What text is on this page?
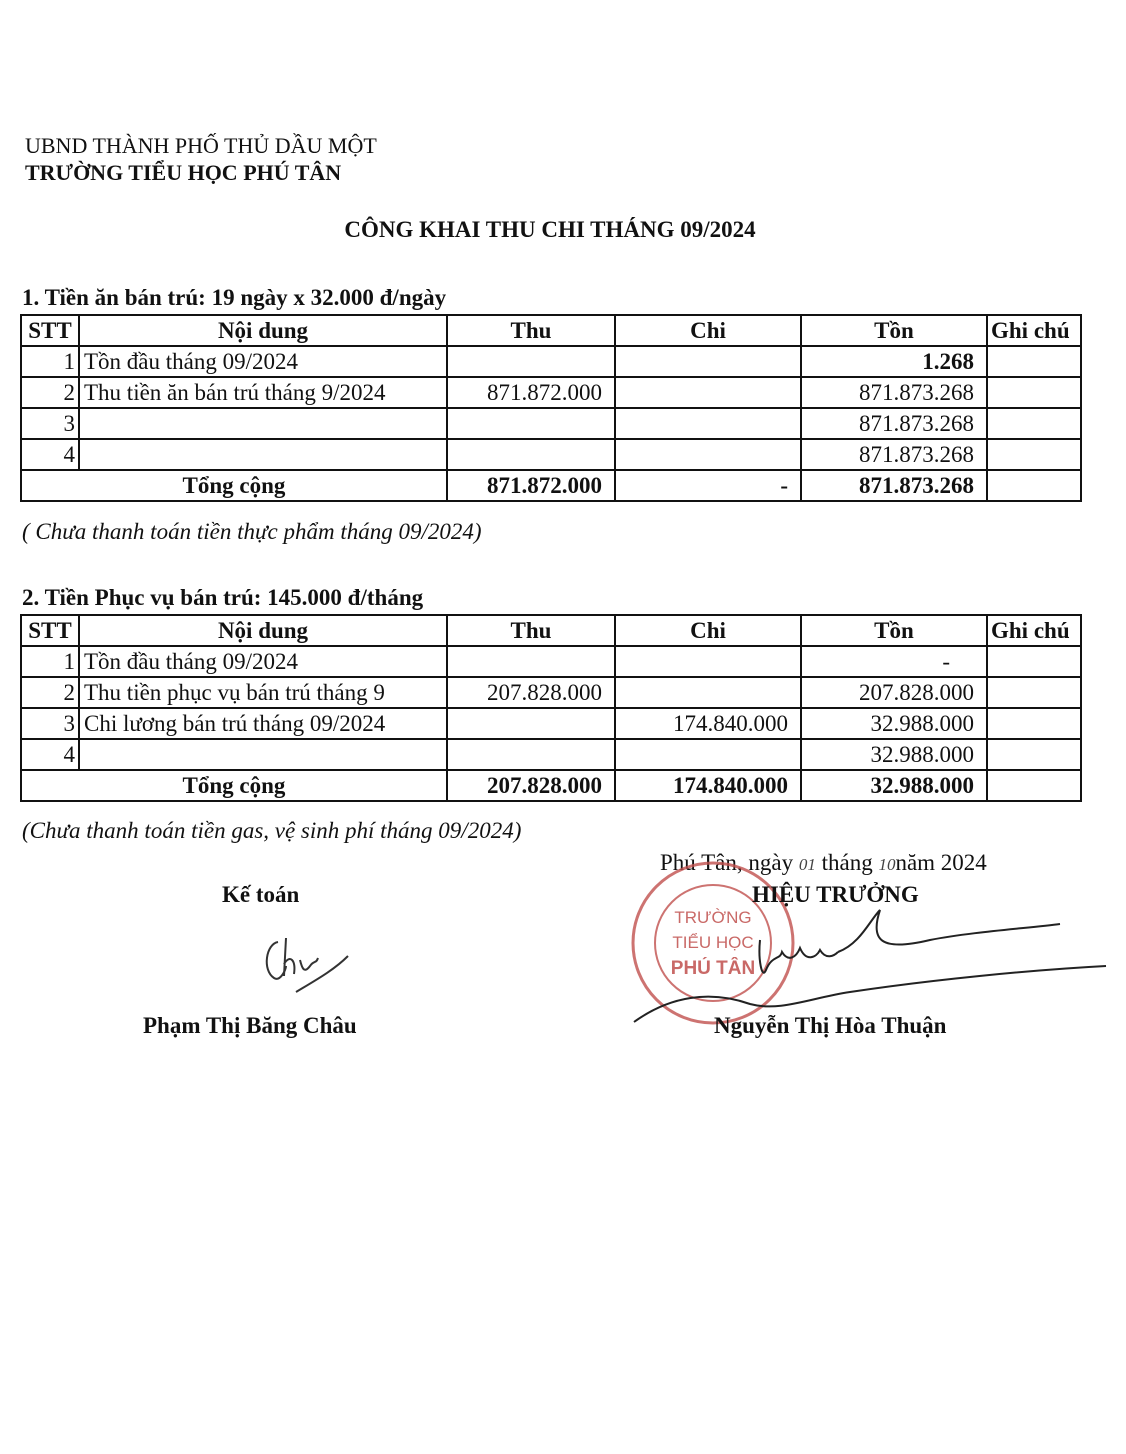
UBND THÀNH PHỐ THỦ DẦU MỘT
TRƯỜNG TIỂU HỌC PHÚ TÂN
CÔNG KHAI THU CHI THÁNG 09/2024
1. Tiền ăn bán trú: 19 ngày x 32.000 đ/ngày
STT	Nội dung	Thu	Chi	Tồn	Ghi chú
1	Tồn đầu tháng 09/2024			1.268	
2	Thu tiền ăn bán trú tháng 9/2024	871.872.000		871.873.268	
3				871.873.268	
4				871.873.268	
Tổng cộng		871.872.000	-	871.873.268	
( Chưa thanh toán tiền thực phẩm tháng 09/2024)
2. Tiền Phục vụ bán trú: 145.000 đ/tháng
STT	Nội dung	Thu	Chi	Tồn	Ghi chú
1	Tồn đầu tháng 09/2024			-	
2	Thu tiền phục vụ bán trú tháng 9	207.828.000		207.828.000	
3	Chi lương bán trú tháng 09/2024		174.840.000	32.988.000	
4				32.988.000	
Tổng cộng		207.828.000	174.840.000	32.988.000	
(Chưa thanh toán tiền gas, vệ sinh phí tháng 09/2024)
Phú Tân, ngày 01 tháng 10năm 2024
Kế toán
TRƯỜNG
TIỂU HỌC
PHÚ TÂN
HIỆU TRƯỞNG
Phạm Thị Băng Châu	Nguyễn Thị Hòa Thuận
